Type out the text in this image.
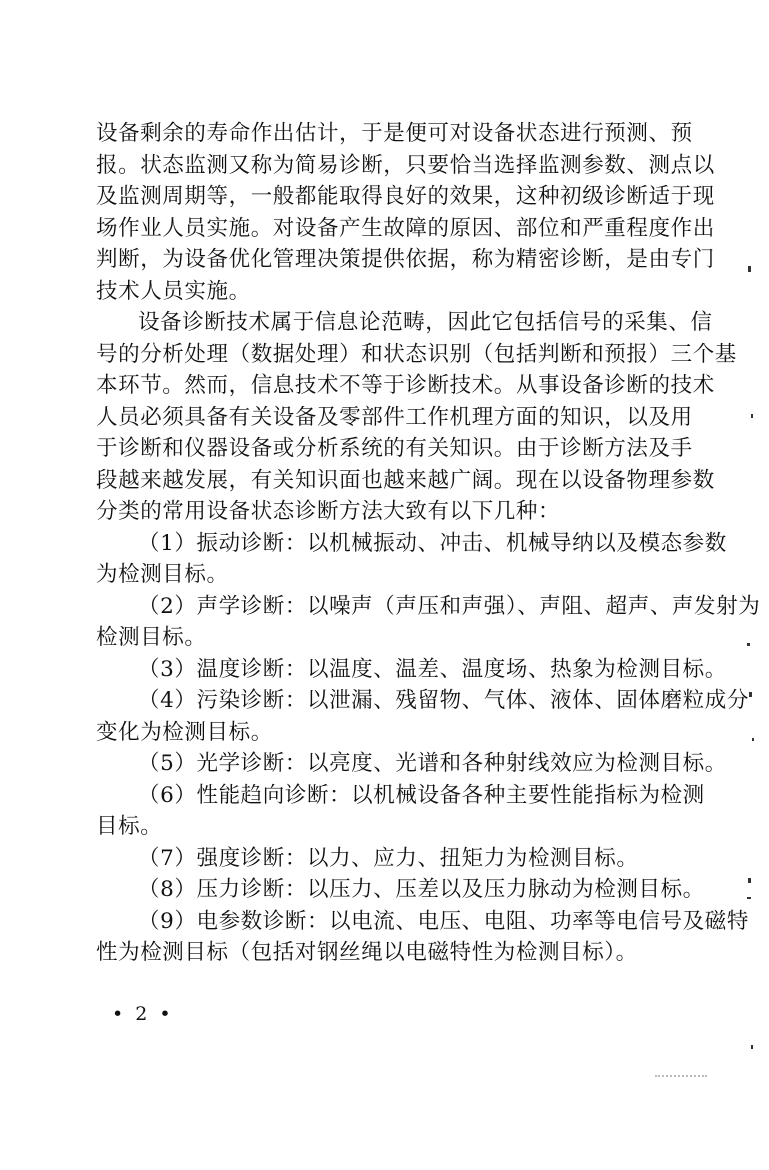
设备剩余的寿命作出估计，于是便可对设备状态进行预测、预
报。状态监测又称为简易诊断，只要恰当选择监测参数、测点以
及监测周期等，一般都能取得良好的效果，这种初级诊断适于现
场作业人员实施。对设备产生故障的原因、部位和严重程度作出
判断，为设备优化管理决策提供依据，称为精密诊断，是由专门
技术人员实施。
设备诊断技术属于信息论范畴，因此它包括信号的采集、信
号的分析处理（数据处理）和状态识别（包括判断和预报）三个基
本环节。然而，信息技术不等于诊断技术。从事设备诊断的技术
人员必须具备有关设备及零部件工作机理方面的知识，以及用
于诊断和仪器设备或分析系统的有关知识。由于诊断方法及手
段越来越发展，有关知识面也越来越广阔。现在以设备物理参数
分类的常用设备状态诊断方法大致有以下几种：
（1）振动诊断：以机械振动、冲击、机械导纳以及模态参数
为检测目标。
（2）声学诊断：以噪声（声压和声强）、声阻、超声、声发射为
检测目标。
（3）温度诊断：以温度、温差、温度场、热象为检测目标。
（4）污染诊断：以泄漏、残留物、气体、液体、固体磨粒成分
变化为检测目标。
（5）光学诊断：以亮度、光谱和各种射线效应为检测目标。
（6）性能趋向诊断：以机械设备各种主要性能指标为检测
目标。
（7）强度诊断：以力、应力、扭矩力为检测目标。
（8）压力诊断：以压力、压差以及压力脉动为检测目标。
（9）电参数诊断：以电流、电压、电阻、功率等电信号及磁特
性为检测目标（包括对钢丝绳以电磁特性为检测目标）。
• 2 •
